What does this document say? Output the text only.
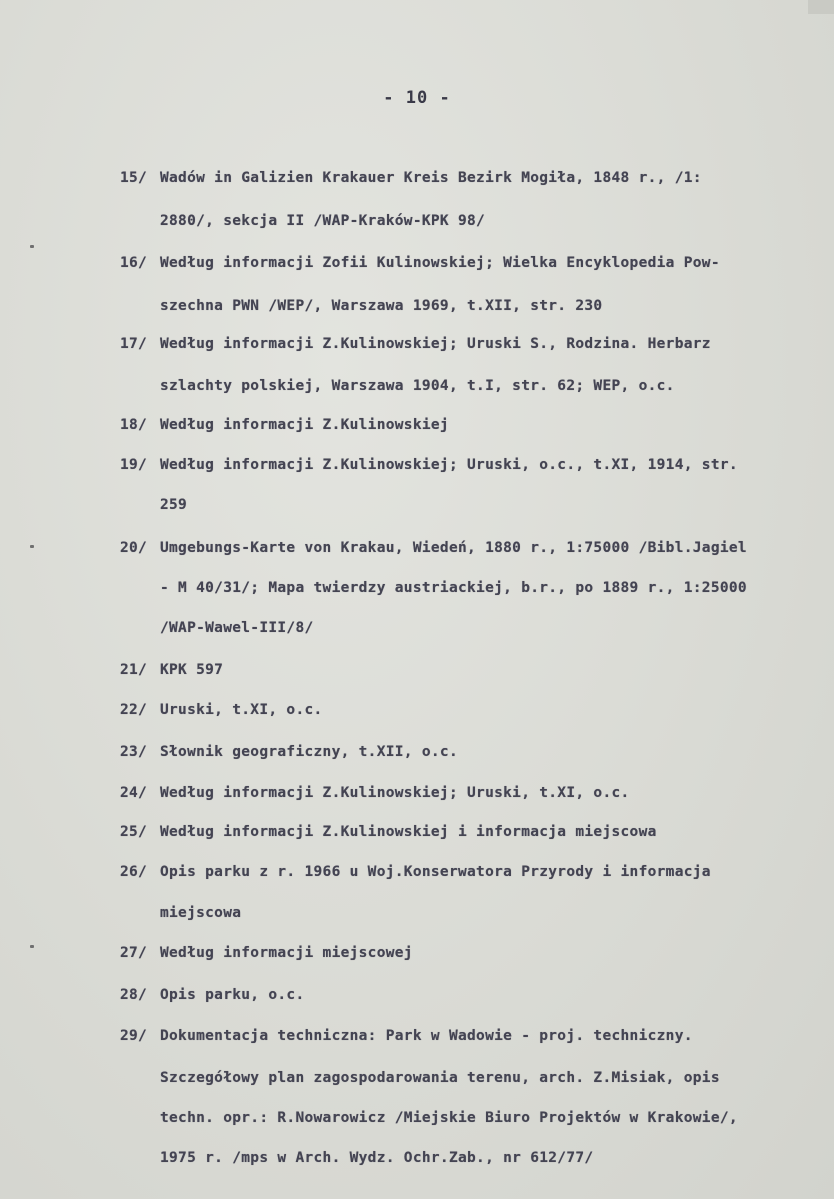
- 10 -
15/ Wadów in Galizien Krakauer Kreis Bezirk Mogiła, 1848 r., /1:
2880/, sekcja II /WAP-Kraków-KPK 98/
16/ Według informacji Zofii Kulinowskiej; Wielka Encyklopedia Pow-
szechna PWN /WEP/, Warszawa 1969, t.XII, str. 230
17/ Według informacji Z.Kulinowskiej; Uruski S., Rodzina. Herbarz
szlachty polskiej, Warszawa 1904, t.I, str. 62; WEP, o.c.
18/ Według informacji Z.Kulinowskiej
19/ Według informacji Z.Kulinowskiej; Uruski, o.c., t.XI, 1914, str.
259
20/ Umgebungs-Karte von Krakau, Wiedeń, 1880 r., 1:75000 /Bibl.Jagiel
- M 40/31/; Mapa twierdzy austriackiej, b.r., po 1889 r., 1:25000
/WAP-Wawel-III/8/
21/ KPK 597
22/ Uruski, t.XI, o.c.
23/ Słownik geograficzny, t.XII, o.c.
24/ Według informacji Z.Kulinowskiej; Uruski, t.XI, o.c.
25/ Według informacji Z.Kulinowskiej i informacja miejscowa
26/ Opis parku z r. 1966 u Woj.Konserwatora Przyrody i informacja
miejscowa
27/ Według informacji miejscowej
28/ Opis parku, o.c.
29/ Dokumentacja techniczna: Park w Wadowie - proj. techniczny.
Szczegółowy plan zagospodarowania terenu, arch. Z.Misiak, opis
techn. opr.: R.Nowarowicz /Miejskie Biuro Projektów w Krakowie/,
1975 r. /mps w Arch. Wydz. Ochr.Zab., nr 612/77/
